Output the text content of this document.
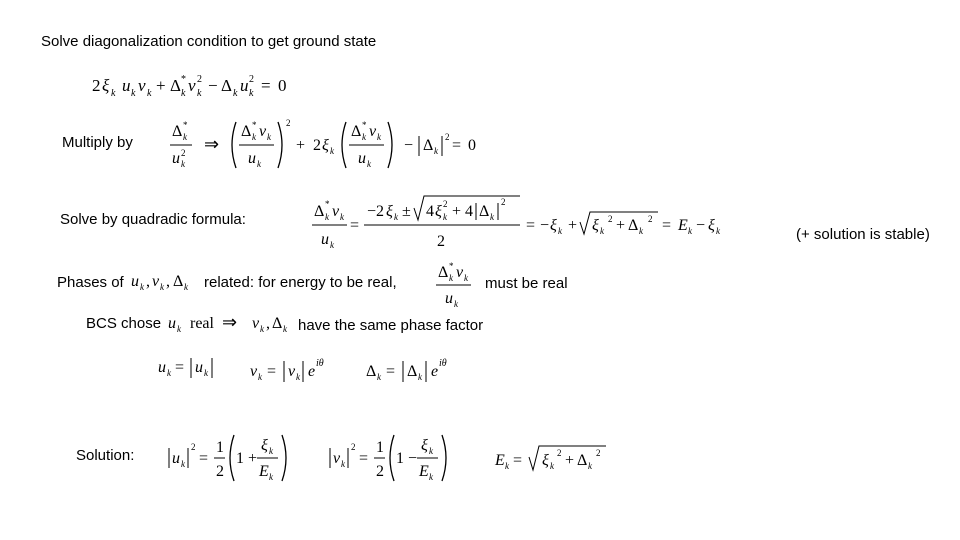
Solve diagonalization condition to get ground state
2 ξ k u k v k + Δ *
k v 2
k − Δ k u 2
k = 0
Multiply by
Δ *
k
u 2
k
⇒
Δ *
k v k
u k
2
+ 2 ξ k
Δ *
k v k
u k
− Δ k
2 = 0
Solve by quadradic formula:	Δ *
k v k
u k
=
−2 ξ k ± 4 ξ 2
k + 4 Δ k
2
2
= − ξ k + ξ k
2 + Δ k
2 = E k − ξ k	(+ solution is stable)
Phases of u k , v k , Δ k related: for energy to be real,
Δ *
k v k
u k
must be real
BCS chose u k real ⇒ v k , Δ k have the same phase factor
u k = u k	v k = v k e iθ	Δ k = Δ k e iθ
Solution: u k
2
=
1
2
1 +
ξ k
E k
v k
2
=
1
2
1 −
ξ k
E k
E k = ξ k
2 + Δ k
2
